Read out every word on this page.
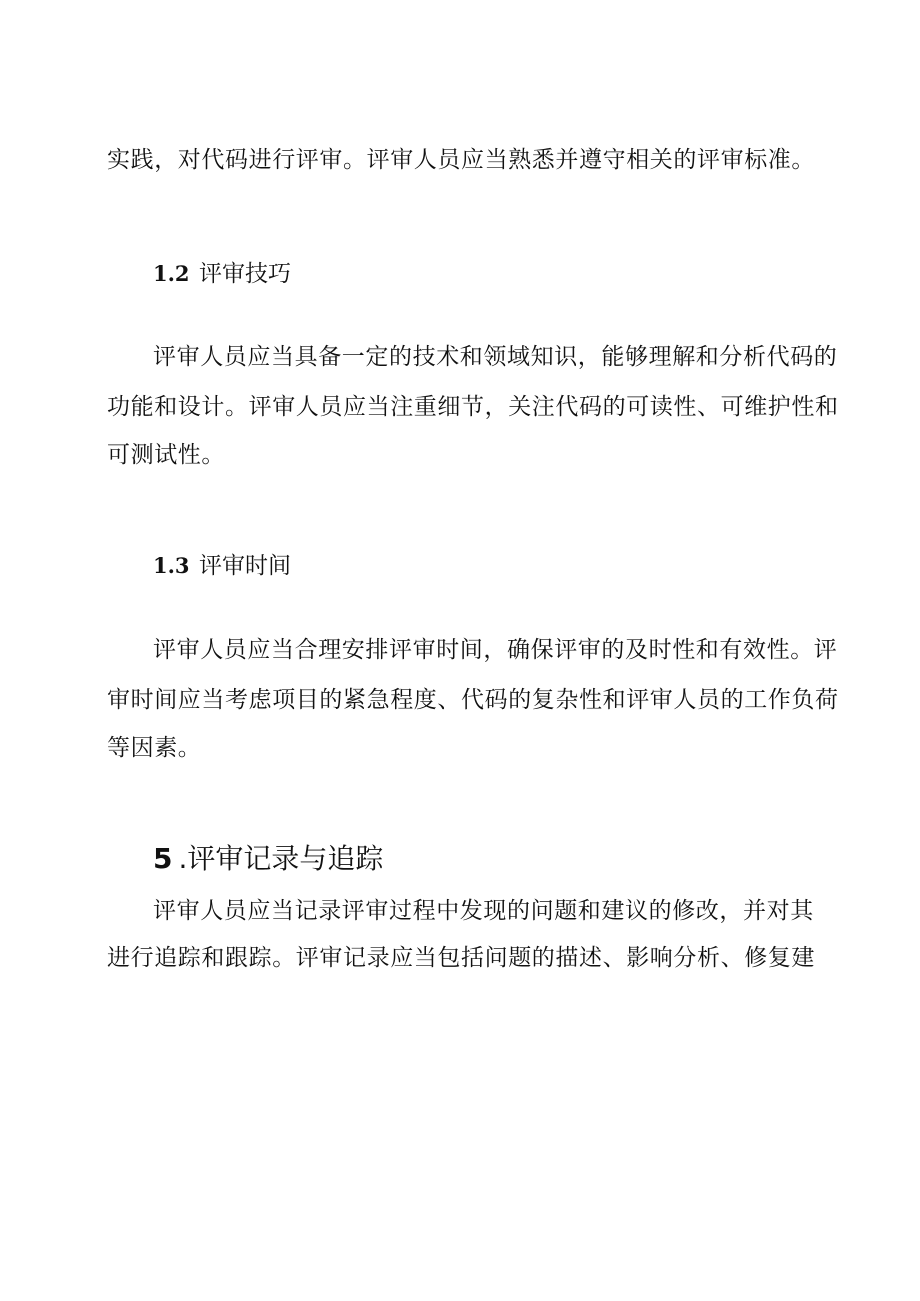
实践，对代码进行评审。评审人员应当熟悉并遵守相关的评审标准。
1.2 评审技巧
评审人员应当具备一定的技术和领域知识，能够理解和分析代码的
功能和设计。评审人员应当注重细节，关注代码的可读性、可维护性和
可测试性。
1.3 评审时间
评审人员应当合理安排评审时间，确保评审的及时性和有效性。评
审时间应当考虑项目的紧急程度、代码的复杂性和评审人员的工作负荷
等因素。
5 .评审记录与追踪
评审人员应当记录评审过程中发现的问题和建议的修改，并对其
进行追踪和跟踪。评审记录应当包括问题的描述、影响分析、修复建
